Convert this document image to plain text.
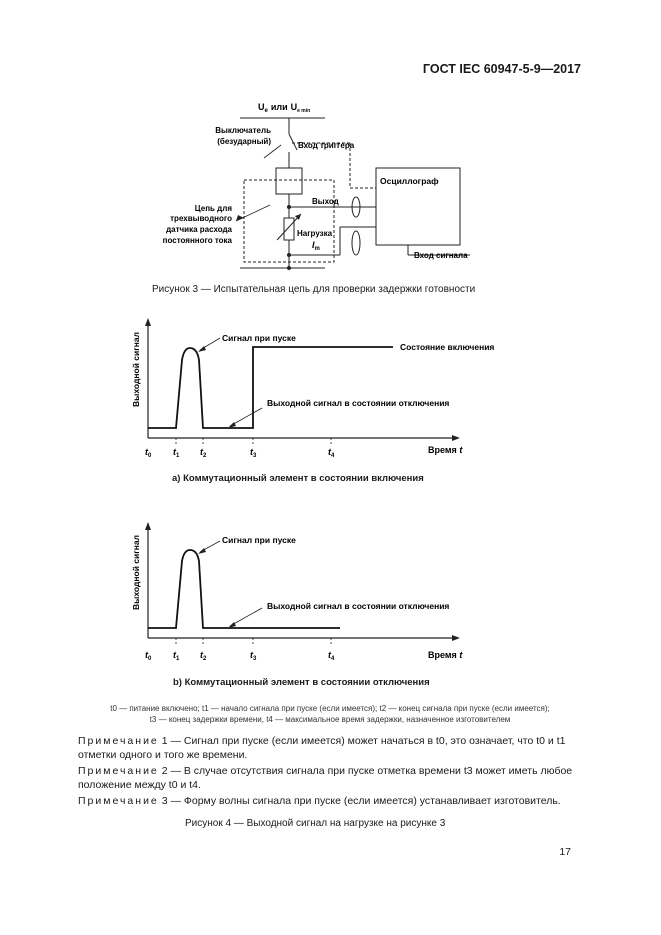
ГОСТ IEC 60947-5-9—2017
$U_e$ или $U_{e min}$
Выключатель
(безударный)	Вход триггера
Осциллограф
Выход
Цепь для
трехвыводного
датчика расхода
постоянного тока
Нагрузка
$I_m$
Вход сигнала
Рисунок 3 — Испытательная цепь для проверки задержки готовности
Выходной сигнал	Сигнал при пуске
Состояние включения
Выходной сигнал в состоянии отключения
Время t
$t_0$ $t_1$ $t_2$	$t_3$	$t_4$
а) Коммутационный элемент в состоянии включения
Выходной сигнал	Сигнал при пуске
Выходной сигнал в состоянии отключения
Время t
$t_0$ $t_1$ $t_2$	$t_3$	$t_4$
b) Коммутационный элемент в состоянии отключения
t0 — питание включено; t1 — начало сигнала при пуске (если имеется); t2 — конец сигнала при пуске (если имеется);
t3 — конец задержки времени, t4 — максимальное время задержки, назначенное изготовителем
Примечание 1 — Сигнал при пуске (если имеется) может начаться в t0, это означает, что t0 и t1 отметки одного и того же времени.
Примечание 2 — В случае отсутствия сигнала при пуске отметка времени t3 может иметь любое положение между t0 и t4.
Примечание 3 — Форму волны сигнала при пуске (если имеется) устанавливает изготовитель.
Рисунок 4 — Выходной сигнал на нагрузке на рисунке 3
17
